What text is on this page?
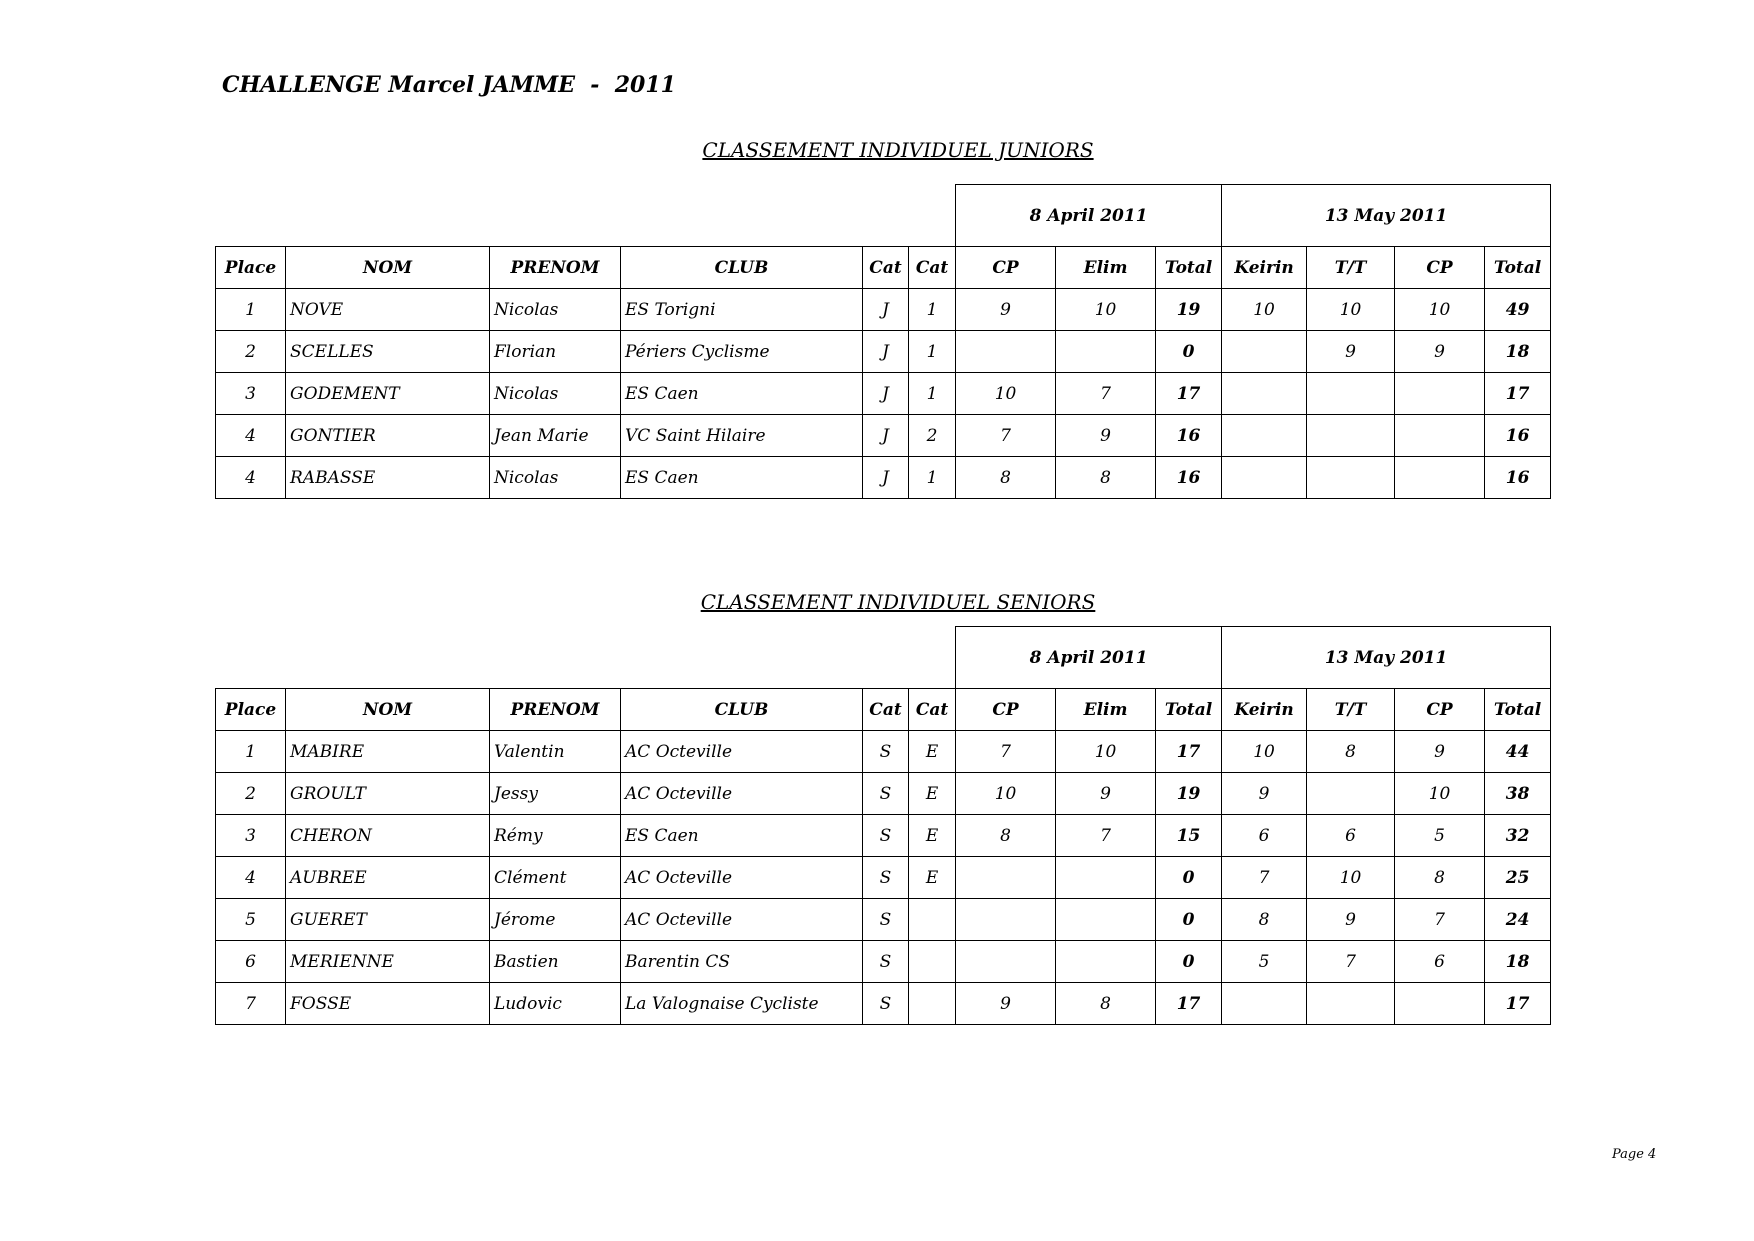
CHALLENGE Marcel JAMME  -  2011

CLASSEMENT INDIVIDUEL JUNIORS

						8 April 2011			13 May 2011			
Place	NOM	PRENOM	CLUB	Cat	Cat	CP	Elim	Total	Keirin	T/T	CP	Total
1	NOVE	Nicolas	ES Torigni	J	1	9	10	19	10	10	10	49
2	SCELLES	Florian	Périers Cyclisme	J	1			0		9	9	18
3	GODEMENT	Nicolas	ES Caen	J	1	10	7	17				17
4	GONTIER	Jean Marie	VC Saint Hilaire	J	2	7	9	16				16
4	RABASSE	Nicolas	ES Caen	J	1	8	8	16				16

CLASSEMENT INDIVIDUEL SENIORS

						8 April 2011			13 May 2011			
Place	NOM	PRENOM	CLUB	Cat	Cat	CP	Elim	Total	Keirin	T/T	CP	Total
1	MABIRE	Valentin	AC Octeville	S	E	7	10	17	10	8	9	44
2	GROULT	Jessy	AC Octeville	S	E	10	9	19	9		10	38
3	CHERON	Rémy	ES Caen	S	E	8	7	15	6	6	5	32
4	AUBREE	Clément	AC Octeville	S	E			0	7	10	8	25
5	GUERET	Jérome	AC Octeville	S				0	8	9	7	24
6	MERIENNE	Bastien	Barentin CS	S				0	5	7	6	18
7	FOSSE	Ludovic	La Valognaise Cycliste	S		9	8	17				17

Page 4
